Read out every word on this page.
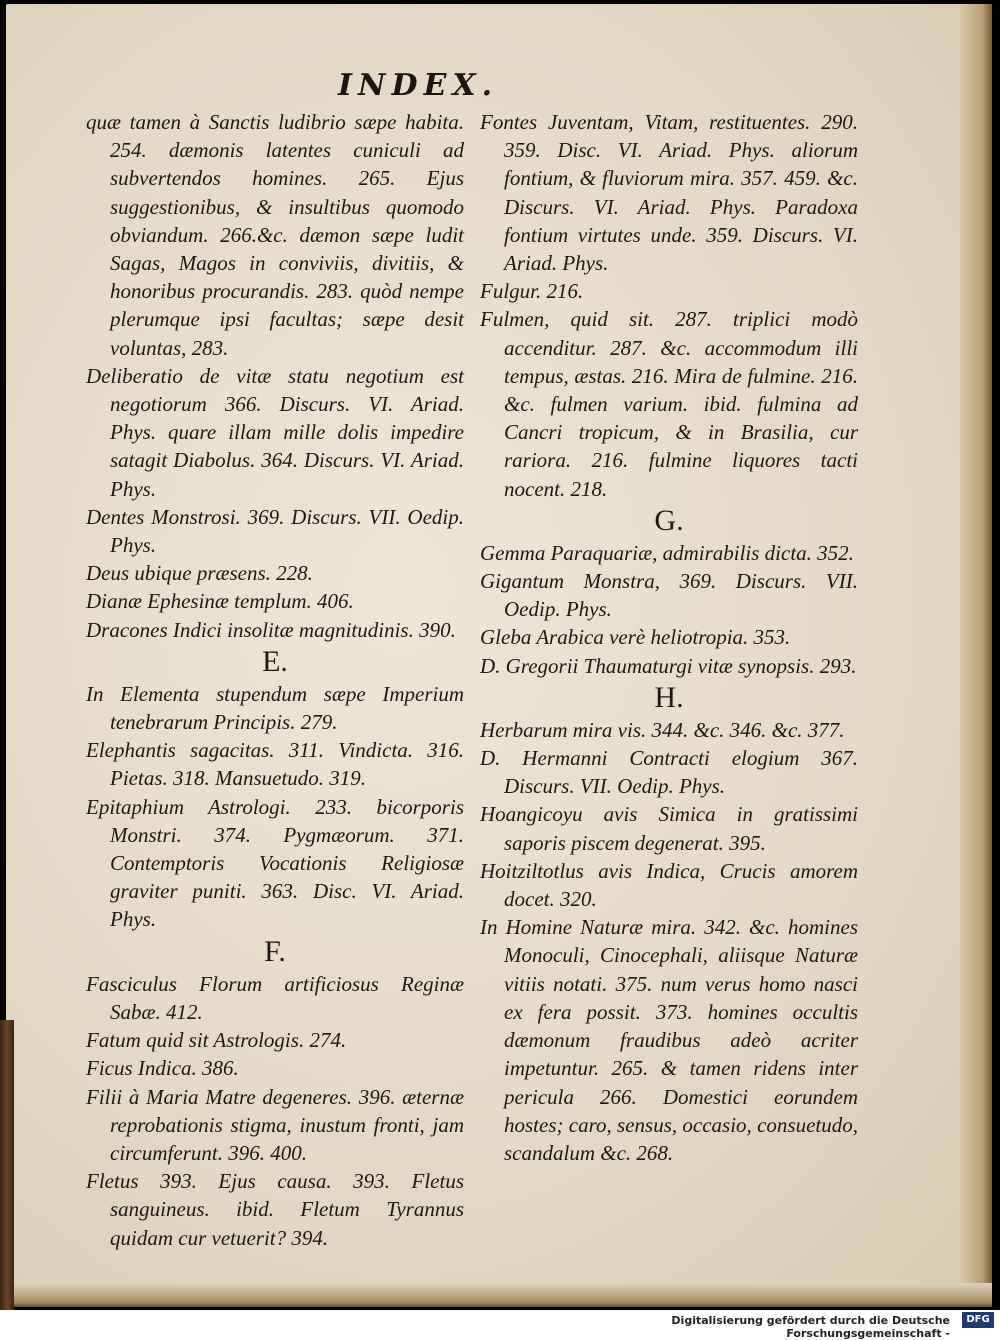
INDEX.

quæ tamen à Sanctis ludibrio sæpe habita. 254. dæmonis latentes cuniculi ad subvertendos homines. 265. Ejus suggestionibus, & insultibus quomodo obviandum. 266.&c. dæmon sæpe ludit Sagas, Magos in conviviis, divitiis, & honoribus procurandis. 283. quòd nempe plerumque ipsi facultas; sæpe desit voluntas, 283.

Deliberatio de vitæ statu negotium est negotiorum 366. Discurs. VI. Ariad. Phys. quare illam mille dolis impedire satagit Diabolus. 364. Discurs. VI. Ariad. Phys.

Dentes Monstrosi. 369. Discurs. VII. Oedip. Phys.

Deus ubique præsens. 228.

Dianæ Ephesinæ templum. 406.

Dracones Indici insolitæ magnitudinis. 390.

E.

In Elementa stupendum sæpe Imperium tenebrarum Principis. 279.

Elephantis sagacitas. 311. Vindicta. 316. Pietas. 318. Mansuetudo. 319.

Epitaphium Astrologi. 233. bicorporis Monstri. 374. Pygmæorum. 371. Contemptoris Vocationis Religiosæ graviter puniti. 363. Disc. VI. Ariad. Phys.

F.

Fasciculus Florum artificiosus Reginæ Sabæ. 412.

Fatum quid sit Astrologis. 274.

Ficus Indica. 386.

Filii à Maria Matre degeneres. 396. æternæ reprobationis stigma, inustum fronti, jam circumferunt. 396. 400.

Fletus 393. Ejus causa. 393. Fletus sanguineus. ibid. Fletum Tyrannus quidam cur vetuerit? 394.

Fontes Juventam, Vitam, restituentes. 290. 359. Disc. VI. Ariad. Phys. aliorum fontium, & fluviorum mira. 357. 459. &c. Discurs. VI. Ariad. Phys. Paradoxa fontium virtutes unde. 359. Discurs. VI. Ariad. Phys.

Fulgur. 216.

Fulmen, quid sit. 287. triplici modò accenditur. 287. &c. accommodum illi tempus, æstas. 216. Mira de fulmine. 216. &c. fulmen varium. ibid. fulmina ad Cancri tropicum, & in Brasilia, cur rariora. 216. fulmine liquores tacti nocent. 218.

G.

Gemma Paraquariæ, admirabilis dicta. 352.

Gigantum Monstra, 369. Discurs. VII. Oedip. Phys.

Gleba Arabica verè heliotropia. 353.

D. Gregorii Thaumaturgi vitæ synopsis. 293.

H.

Herbarum mira vis. 344. &c. 346. &c. 377.

D. Hermanni Contracti elogium 367. Discurs. VII. Oedip. Phys.

Hoangicoyu avis Simica in gratissimi saporis piscem degenerat. 395.

Hoitziltotlus avis Indica, Crucis amorem docet. 320.

In Homine Naturæ mira. 342. &c. homines Monoculi, Cinocephali, aliisque Naturæ vitiis notati. 375. num verus homo nasci ex fera possit. 373. homines occultis dæmonum fraudibus adeò acriter impetuntur. 265. & tamen ridens inter pericula 266. Domestici eorundem hostes; caro, sensus, occasio, consuetudo, scandalum &c. 268.

Digitalisierung gefördert durch die Deutsche Forschungsgemeinschaft -
DFG
